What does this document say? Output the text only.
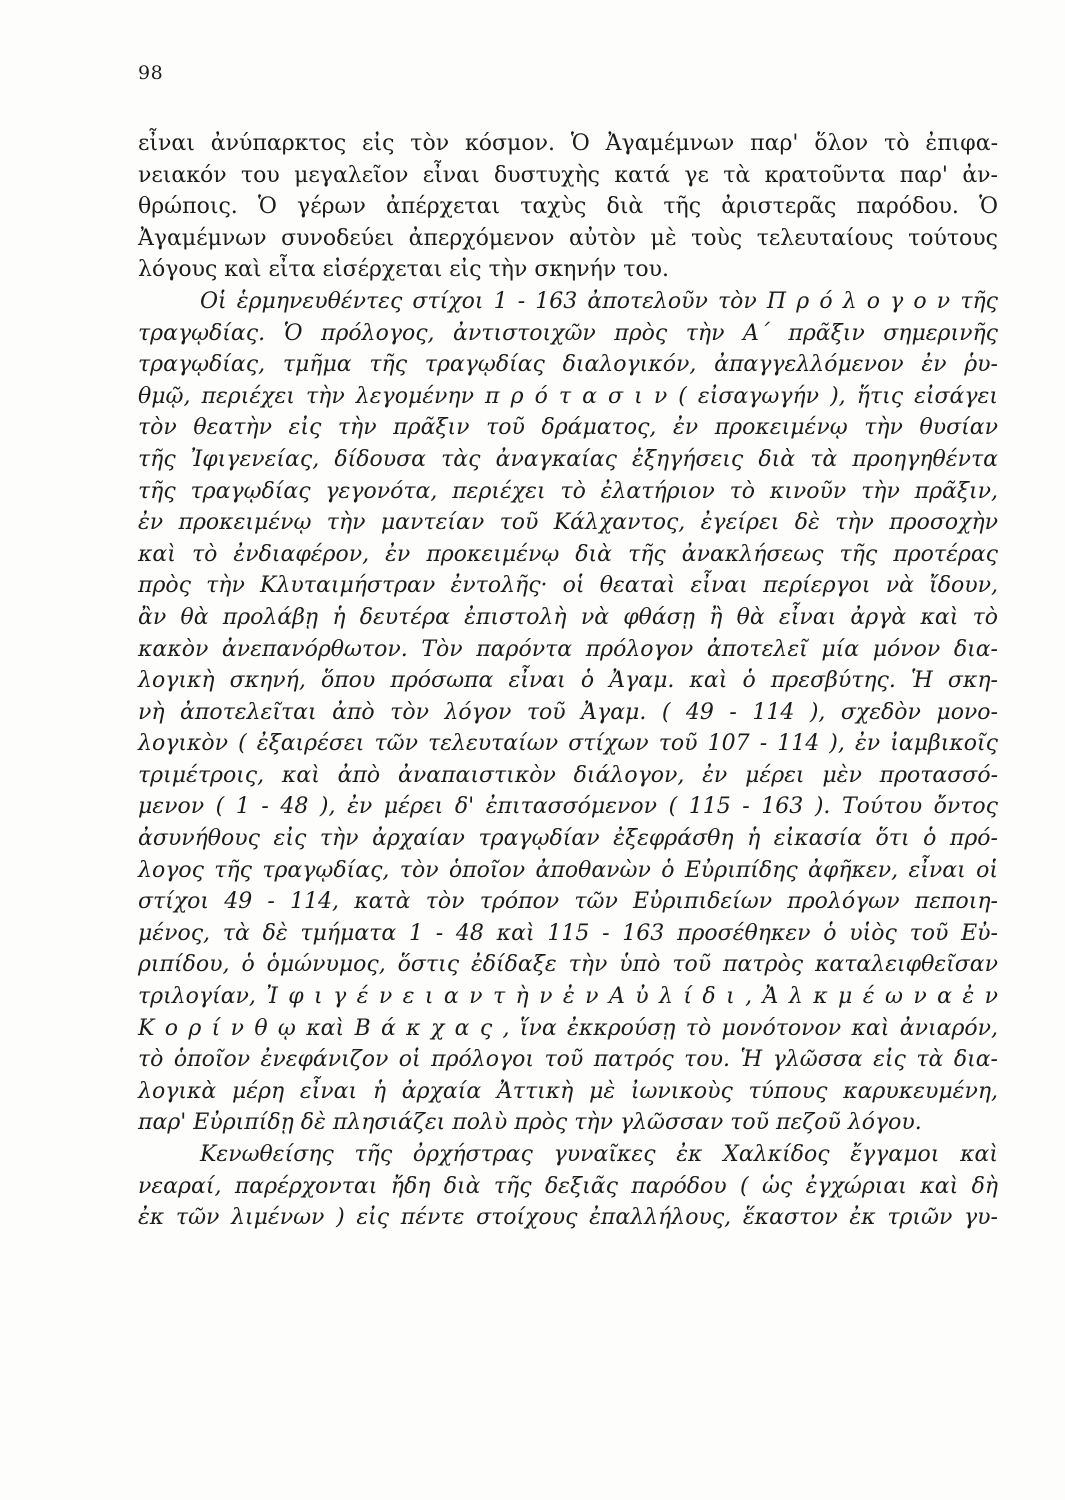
98
εἶναι ἀνύπαρκτος εἰς τὸν κόσμον. Ὁ Ἀγαμέμνων παρ' ὅλον τὸ ἐπιφα-
νειακόν του μεγαλεῖον εἶναι δυστυχὴς κατά γε τὰ κρατοῦντα παρ' ἀν-
θρώποις. Ὁ γέρων ἀπέρχεται ταχὺς διὰ τῆς ἀριστερᾶς παρόδου. Ὁ
Ἀγαμέμνων συνοδεύει ἀπερχόμενον αὐτὸν μὲ τοὺς τελευταίους τούτους
λόγους καὶ εἶτα εἰσέρχεται εἰς τὴν σκηνήν του.
Οἱ ἑρμηνευθέντες στίχοι 1 - 163 ἀποτελοῦν τὸν Π ρ ό λ ο γ ο ν τῆς
τραγῳδίας. Ὁ πρόλογος, ἀντιστοιχῶν πρὸς τὴν Α΄ πρᾶξιν σημερινῆς
τραγῳδίας, τμῆμα τῆς τραγῳδίας διαλογικόν, ἀπαγγελλόμενον ἐν ῥυ-
θμῷ, περιέχει τὴν λεγομένην π ρ ό τ α σ ι ν ( εἰσαγωγήν ), ἥτις εἰσάγει
τὸν θεατὴν εἰς τὴν πρᾶξιν τοῦ δράματος, ἐν προκειμένῳ τὴν θυσίαν
τῆς Ἰφιγενείας, δίδουσα τὰς ἀναγκαίας ἐξηγήσεις διὰ τὰ προηγηθέντα
τῆς τραγῳδίας γεγονότα, περιέχει τὸ ἐλατήριον τὸ κινοῦν τὴν πρᾶξιν,
ἐν προκειμένῳ τὴν μαντείαν τοῦ Κάλχαντος, ἐγείρει δὲ τὴν προσοχὴν
καὶ τὸ ἐνδιαφέρον, ἐν προκειμένῳ διὰ τῆς ἀνακλήσεως τῆς προτέρας
πρὸς τὴν Κλυταιμήστραν ἐντολῆς· οἱ θεαταὶ εἶναι περίεργοι νὰ ἴδουν,
ἂν θὰ προλάβῃ ἡ δευτέρα ἐπιστολὴ νὰ φθάσῃ ἢ θὰ εἶναι ἀργὰ καὶ τὸ
κακὸν ἀνεπανόρθωτον. Τὸν παρόντα πρόλογον ἀποτελεῖ μία μόνον δια-
λογικὴ σκηνή, ὅπου πρόσωπα εἶναι ὁ Ἀγαμ. καὶ ὁ πρεσβύτης. Ἡ σκη-
νὴ ἀποτελεῖται ἀπὸ τὸν λόγον τοῦ Ἀγαμ. ( 49 - 114 ), σχεδὸν μονο-
λογικὸν ( ἐξαιρέσει τῶν τελευταίων στίχων τοῦ 107 - 114 ), ἐν ἰαμβικοῖς
τριμέτροις, καὶ ἀπὸ ἀναπαιστικὸν διάλογον, ἐν μέρει μὲν προτασσό-
μενον ( 1 - 48 ), ἐν μέρει δ' ἐπιτασσόμενον ( 115 - 163 ). Τούτου ὄντος
ἀσυνήθους εἰς τὴν ἀρχαίαν τραγῳδίαν ἐξεφράσθη ἡ εἰκασία ὅτι ὁ πρό-
λογος τῆς τραγῳδίας, τὸν ὁποῖον ἀποθανὼν ὁ Εὐριπίδης ἀφῆκεν, εἶναι οἱ
στίχοι 49 - 114, κατὰ τὸν τρόπον τῶν Εὐριπιδείων προλόγων πεποιη-
μένος, τὰ δὲ τμήματα 1 - 48 καὶ 115 - 163 προσέθηκεν ὁ υἱὸς τοῦ Εὐ-
ριπίδου, ὁ ὁμώνυμος, ὅστις ἐδίδαξε τὴν ὑπὸ τοῦ πατρὸς καταλειφθεῖσαν
τριλογίαν, Ἰ φ ι γ έ ν ε ι α ν τ ὴ ν ἐ ν Α ὐ λ ί δ ι , Ἀ λ κ μ έ ω ν α ἐ ν
Κ ο ρ ί ν θ ῳ καὶ Β ά κ χ α ς , ἵνα ἐκκρούσῃ τὸ μονότονον καὶ ἀνιαρόν,
τὸ ὁποῖον ἐνεφάνιζον οἱ πρόλογοι τοῦ πατρός του. Ἡ γλῶσσα εἰς τὰ δια-
λογικὰ μέρη εἶναι ἡ ἀρχαία Ἀττικὴ μὲ ἰωνικοὺς τύπους καρυκευμένη,
παρ' Εὐριπίδῃ δὲ πλησιάζει πολὺ πρὸς τὴν γλῶσσαν τοῦ πεζοῦ λόγου.
Κενωθείσης τῆς ὀρχήστρας γυναῖκες ἐκ Χαλκίδος ἔγγαμοι καὶ
νεαραί, παρέρχονται ἤδη διὰ τῆς δεξιᾶς παρόδου ( ὡς ἐγχώριαι καὶ δὴ
ἐκ τῶν λιμένων ) εἰς πέντε στοίχους ἐπαλλήλους, ἕκαστον ἐκ τριῶν γυ-
